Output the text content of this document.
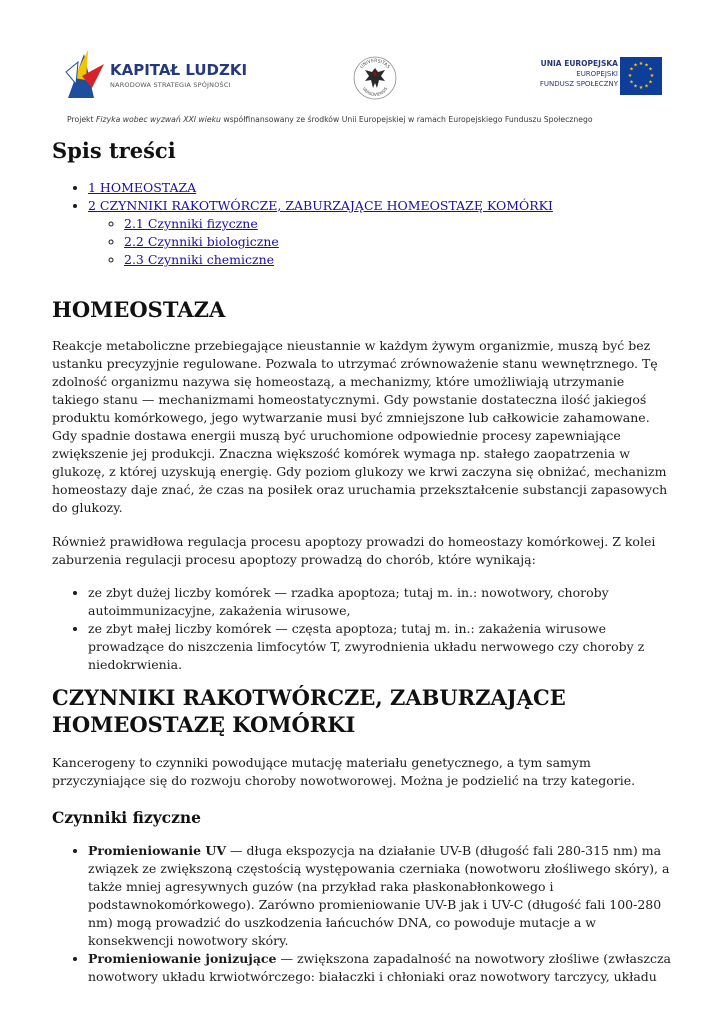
KAPITAŁ LUDZKI
NARODOWA STRATEGIA SPÓJNOŚCI
UNIVERSITAS
VARSOVIENSIS
UNIA EUROPEJSKA
EUROPEJSKI
FUNDUSZ SPOŁECZNY
★ ★
★
★
★
★
★
★
★
★
★
★
Projekt Fizyka wobec wyzwań XXI wieku współfinansowany ze środków Unii Europejskiej w ramach Europejskiego Funduszu Społecznego
Spis treści
• 1 HOMEOSTAZA
• 2 CZYNNIKI RAKOTWÓRCZE, ZABURZAJĄCE HOMEOSTAZĘ KOMÓRKI
◦ 2.1 Czynniki fizyczne
◦ 2.2 Czynniki biologiczne
◦ 2.3 Czynniki chemiczne
HOMEOSTAZA

Reakcje metaboliczne przebiegające nieustannie w każdym żywym organizmie, muszą być bez ustanku precyzyjnie regulowane. Pozwala to utrzymać zrównoważenie stanu wewnętrznego. Tę zdolność organizmu nazywa się homeostazą, a mechanizmy, które umożliwiają utrzymanie takiego stanu — mechanizmami homeostatycznymi. Gdy powstanie dostateczna ilość jakiegoś produktu komórkowego, jego wytwarzanie musi być zmniejszone lub całkowicie zahamowane. Gdy spadnie dostawa energii muszą być uruchomione odpowiednie procesy zapewniające zwiększenie jej produkcji. Znaczna większość komórek wymaga np. stałego zaopatrzenia w glukozę, z której uzyskują energię. Gdy poziom glukozy we krwi zaczyna się obniżać, mechanizm homeostazy daje znać, że czas na posiłek oraz uruchamia przekształcenie substancji zapasowych do glukozy.

Również prawidłowa regulacja procesu apoptozy prowadzi do homeostazy komórkowej. Z kolei zaburzenia regulacji procesu apoptozy prowadzą do chorób, które wynikają:

• ze zbyt dużej liczby komórek — rzadka apoptoza; tutaj m. in.: nowotwory, choroby autoimmunizacyjne, zakażenia wirusowe,
• ze zbyt małej liczby komórek — częsta apoptoza; tutaj m. in.: zakażenia wirusowe prowadzące do niszczenia limfocytów T, zwyrodnienia układu nerwowego czy choroby z niedokrwienia.
CZYNNIKI RAKOTWÓRCZE, ZABURZAJĄCE HOMEOSTAZĘ KOMÓRKI

Kancerogeny to czynniki powodujące mutację materiału genetycznego, a tym samym przyczyniające się do rozwoju choroby nowotworowej. Można je podzielić na trzy kategorie.

Czynniki fizyczne
• Promieniowanie UV — długa ekspozycja na działanie UV-B (długość fali 280-315 nm) ma związek ze zwiększoną częstością występowania czerniaka (nowotworu złośliwego skóry), a także mniej agresywnych guzów (na przykład raka płaskonabłonkowego i podstawnokomórkowego). Zarówno promieniowanie UV-B jak i UV-C (długość fali 100-280 nm) mogą prowadzić do uszkodzenia łańcuchów DNA, co powoduje mutacje a w konsekwencji nowotwory skóry.
• Promieniowanie jonizujące — zwiększona zapadalność na nowotwory złośliwe (zwłaszcza nowotwory układu krwiotwórczego: białaczki i chłoniaki oraz nowotwory tarczycy, układu
